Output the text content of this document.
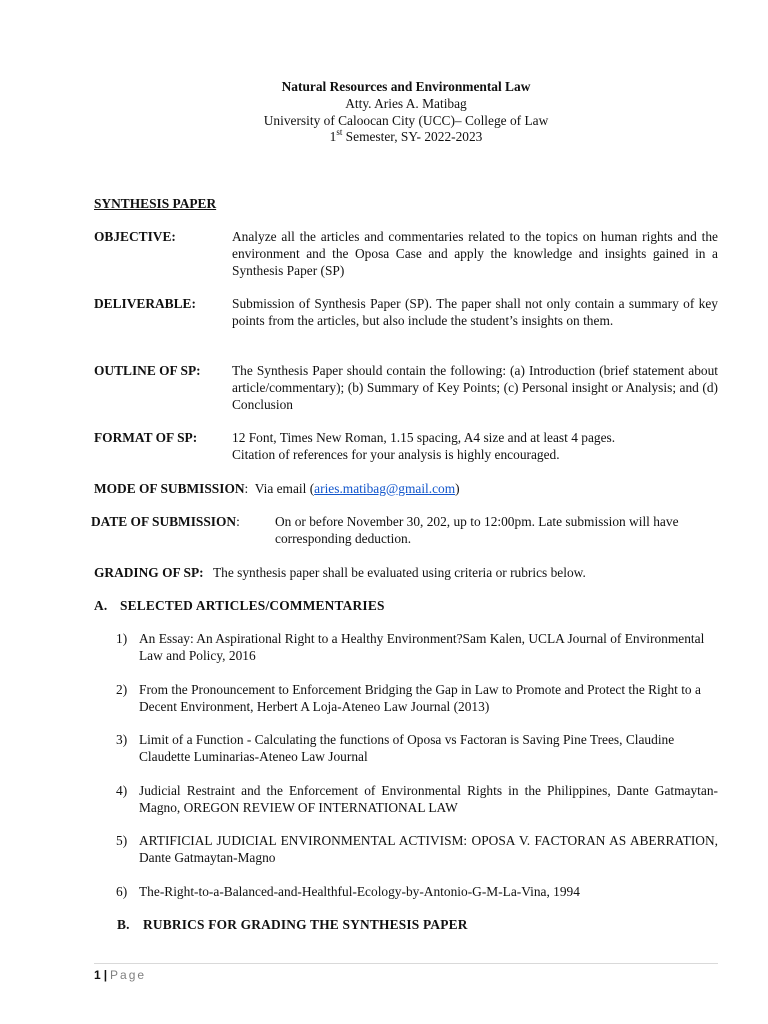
Natural Resources and Environmental Law
Atty. Aries A. Matibag
University of Caloocan City (UCC)– College of Law
1st Semester, SY- 2022-2023
SYNTHESIS PAPER
OBJECTIVE:	Analyze all the articles and commentaries related to the topics on human rights and the environment and the Oposa Case and apply the knowledge and insights gained in a Synthesis Paper (SP)
DELIVERABLE:	Submission of Synthesis Paper (SP). The paper shall not only contain a summary of key points from the articles, but also include the student’s insights on them.
OUTLINE OF SP: The Synthesis Paper should contain the following: (a) Introduction (brief statement about article/commentary); (b) Summary of Key Points; (c) Personal insight or Analysis; and (d) Conclusion
FORMAT OF SP:	12 Font, Times New Roman, 1.15 spacing, A4 size and at least 4 pages.
Citation of references for your analysis is highly encouraged.
MODE OF SUBMISSION:  Via email (aries.matibag@gmail.com)
DATE OF SUBMISSION:	On or before November 30, 202, up to 12:00pm. Late submission will have corresponding deduction.
GRADING OF SP: The synthesis paper shall be evaluated using criteria or rubrics below.
A. SELECTED ARTICLES/COMMENTARIES
1) An Essay: An Aspirational Right to a Healthy Environment?Sam Kalen, UCLA Journal of Environmental Law and Policy, 2016
2) From the Pronouncement to Enforcement Bridging the Gap in Law to Promote and Protect the Right to a Decent Environment, Herbert A Loja-Ateneo Law Journal (2013)
3) Limit of a Function - Calculating the functions of Oposa vs Factoran is Saving Pine Trees, Claudine Claudette Luminarias-Ateneo Law Journal
4) Judicial Restraint and the Enforcement of Environmental Rights in the Philippines, Dante Gatmaytan-Magno, OREGON REVIEW OF INTERNATIONAL LAW
5) ARTIFICIAL JUDICIAL ENVIRONMENTAL ACTIVISM: OPOSA V. FACTORAN AS ABERRATION, Dante Gatmaytan-Magno
6) The-Right-to-a-Balanced-and-Healthful-Ecology-by-Antonio-G-M-La-Vina, 1994
B. RUBRICS FOR GRADING THE SYNTHESIS PAPER
1 | Page
